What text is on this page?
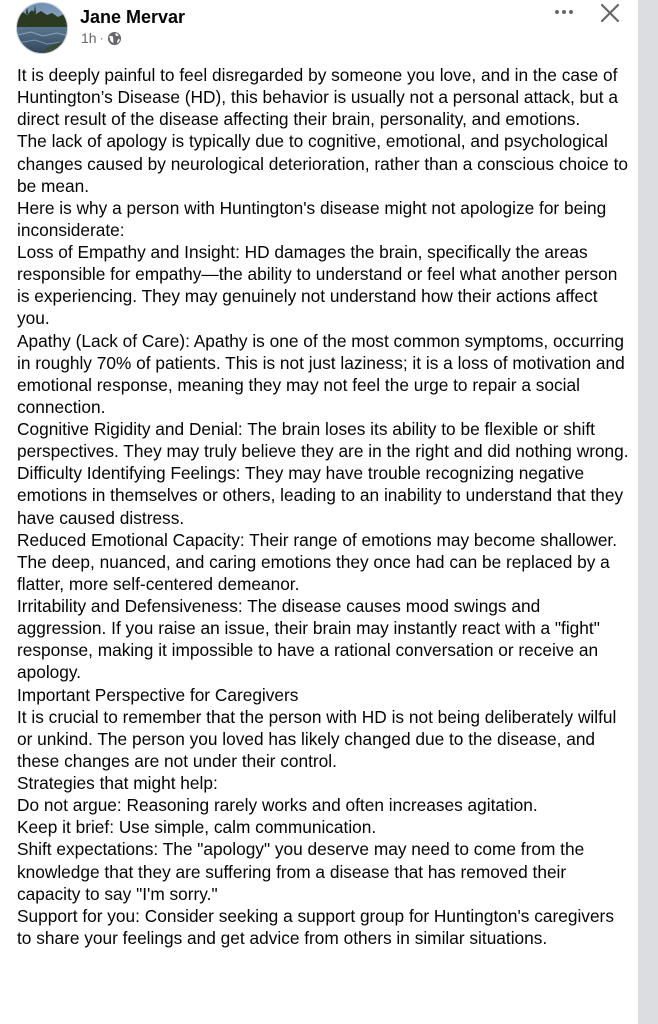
Jane Mervar
1h ·

It is deeply painful to feel disregarded by someone you love, and in the case of Huntington’s Disease (HD), this behavior is usually not a personal attack, but a direct result of the disease affecting their brain, personality, and emotions.

The lack of apology is typically due to cognitive, emotional, and psychological changes caused by neurological deterioration, rather than a conscious choice to be mean.

Here is why a person with Huntington's disease might not apologize for being inconsiderate:

Loss of Empathy and Insight: HD damages the brain, specifically the areas responsible for empathy—the ability to understand or feel what another person is experiencing. They may genuinely not understand how their actions affect you.

Apathy (Lack of Care): Apathy is one of the most common symptoms, occurring in roughly 70% of patients. This is not just laziness; it is a loss of motivation and emotional response, meaning they may not feel the urge to repair a social connection.

Cognitive Rigidity and Denial: The brain loses its ability to be flexible or shift perspectives. They may truly believe they are in the right and did nothing wrong.

Difficulty Identifying Feelings: They may have trouble recognizing negative emotions in themselves or others, leading to an inability to understand that they have caused distress.

Reduced Emotional Capacity: Their range of emotions may become shallower. The deep, nuanced, and caring emotions they once had can be replaced by a flatter, more self-centered demeanor.

Irritability and Defensiveness: The disease causes mood swings and aggression. If you raise an issue, their brain may instantly react with a "fight" response, making it impossible to have a rational conversation or receive an apology.

Important Perspective for Caregivers

It is crucial to remember that the person with HD is not being deliberately wilful or unkind. The person you loved has likely changed due to the disease, and these changes are not under their control.

Strategies that might help:

Do not argue: Reasoning rarely works and often increases agitation.

Keep it brief: Use simple, calm communication.

Shift expectations: The "apology" you deserve may need to come from the knowledge that they are suffering from a disease that has removed their capacity to say "I'm sorry."

Support for you: Consider seeking a support group for Huntington's caregivers to share your feelings and get advice from others in similar situations.
